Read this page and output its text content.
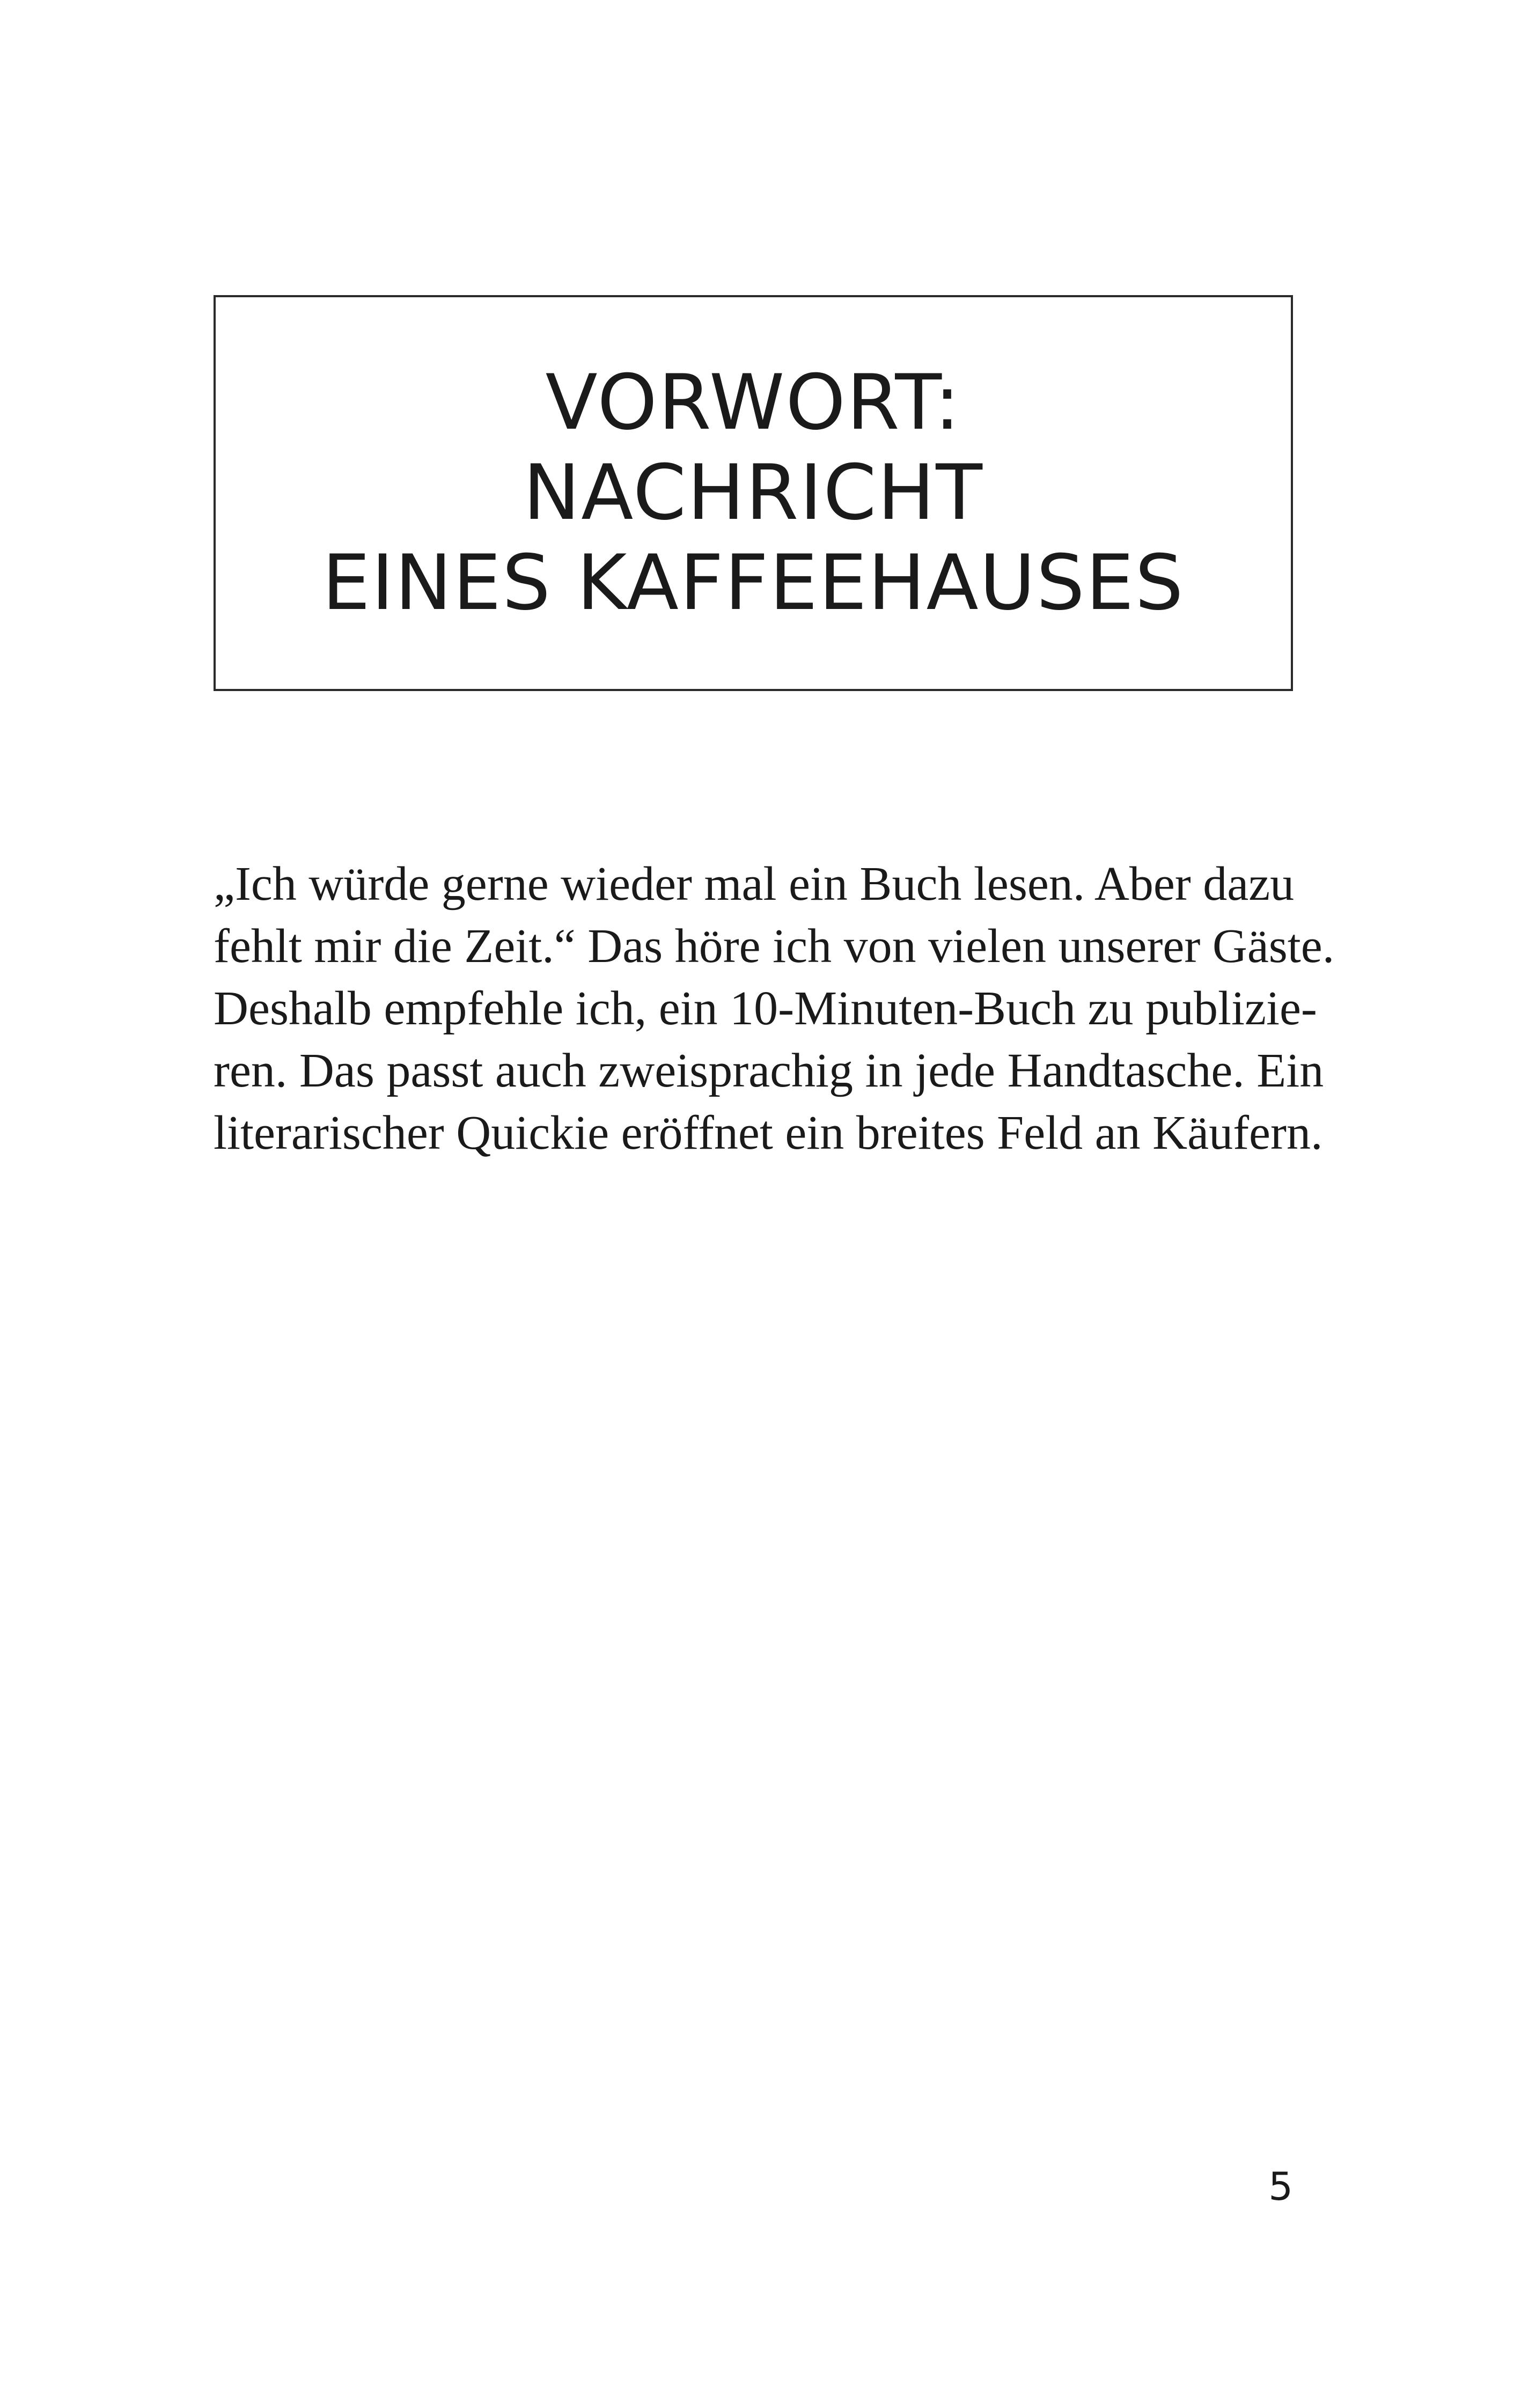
VORWORT:
NACHRICHT
EINES KAFFEEHAUSES
„Ich würde gerne wieder mal ein Buch lesen. Aber dazu
fehlt mir die Zeit.“ Das höre ich von vielen unserer Gäste.
Deshalb empfehle ich, ein 10-Minuten-Buch zu publizie-
ren. Das passt auch zweisprachig in jede Handtasche. Ein
literarischer Quickie eröffnet ein breites Feld an Käufern.
5
